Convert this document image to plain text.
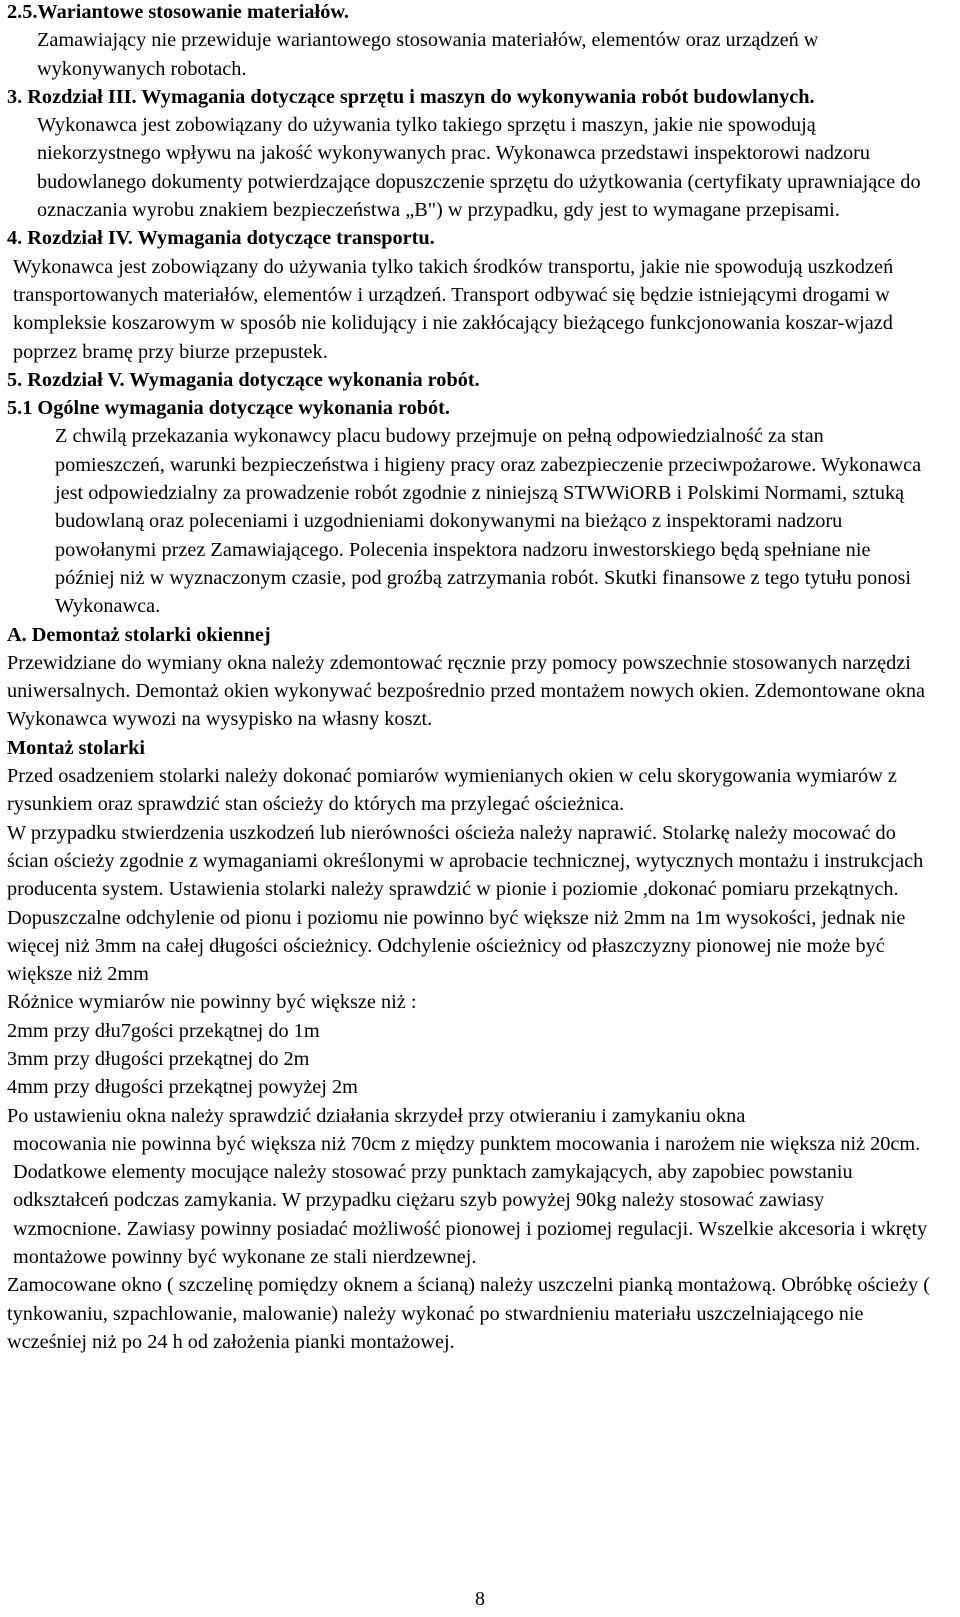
2.5.Wariantowe stosowanie materiałów.

Zamawiający nie przewiduje wariantowego stosowania materiałów, elementów oraz urządzeń w wykonywanych robotach.

3. Rozdział III. Wymagania dotyczące sprzętu i maszyn do wykonywania robót budowlanych.

Wykonawca jest zobowiązany do używania tylko takiego sprzętu i maszyn, jakie nie spowodują niekorzystnego wpływu na jakość wykonywanych prac. Wykonawca przedstawi inspektorowi nadzoru budowlanego dokumenty potwierdzające dopuszczenie sprzętu do użytkowania (certyfikaty uprawniające do oznaczania wyrobu znakiem bezpieczeństwa „B") w przypadku, gdy jest to wymagane przepisami.

4. Rozdział IV. Wymagania dotyczące transportu.

Wykonawca jest zobowiązany do używania tylko takich środków transportu, jakie nie spowodują uszkodzeń transportowanych materiałów, elementów i urządzeń. Transport odbywać się będzie istniejącymi drogami w kompleksie koszarowym w sposób nie kolidujący i nie zakłócający bieżącego funkcjonowania koszar-wjazd poprzez bramę przy biurze przepustek.

5. Rozdział V. Wymagania dotyczące wykonania robót.

5.1 Ogólne wymagania dotyczące wykonania robót.

Z chwilą przekazania wykonawcy placu budowy przejmuje on pełną odpowiedzialność za stan pomieszczeń, warunki bezpieczeństwa i higieny pracy oraz zabezpieczenie przeciwpożarowe. Wykonawca jest odpowiedzialny za prowadzenie robót zgodnie z niniejszą STWWiORB i Polskimi Normami, sztuką budowlaną oraz poleceniami i uzgodnieniami dokonywanymi na bieżąco z inspektorami nadzoru powołanymi przez Zamawiającego. Polecenia inspektora nadzoru inwestorskiego będą spełniane nie później niż w wyznaczonym czasie, pod groźbą zatrzymania robót. Skutki finansowe z tego tytułu ponosi Wykonawca.

A. Demontaż stolarki okiennej

Przewidziane do wymiany okna należy zdemontować ręcznie przy pomocy powszechnie stosowanych narzędzi uniwersalnych. Demontaż okien wykonywać bezpośrednio przed montażem nowych okien. Zdemontowane okna Wykonawca wywozi na wysypisko na własny koszt.

Montaż stolarki

Przed osadzeniem stolarki należy dokonać pomiarów wymienianych okien w celu skorygowania wymiarów z rysunkiem oraz sprawdzić stan ościeży do których ma przylegać ościeżnica.

W przypadku stwierdzenia uszkodzeń lub nierówności ościeża należy naprawić. Stolarkę należy mocować do ścian ościeży zgodnie z wymaganiami określonymi w aprobacie technicznej, wytycznych montażu i instrukcjach producenta system. Ustawienia stolarki należy sprawdzić w pionie i poziomie ,dokonać pomiaru przekątnych.

Dopuszczalne odchylenie od pionu i poziomu nie powinno być większe niż 2mm na 1m wysokości, jednak nie więcej niż 3mm na całej długości ościeżnicy. Odchylenie ościeżnicy od płaszczyzny pionowej nie może być większe niż 2mm

Różnice wymiarów nie powinny być większe niż :

2mm przy dłu7gości przekątnej do 1m

3mm przy długości przekątnej do 2m

4mm przy długości przekątnej powyżej 2m

Po ustawieniu okna należy sprawdzić działania skrzydeł przy otwieraniu i zamykaniu okna

mocowania nie powinna być większa niż 70cm z między punktem mocowania i narożem nie większa niż 20cm. Dodatkowe elementy mocujące należy stosować przy punktach zamykających, aby zapobiec powstaniu odkształceń podczas zamykania. W przypadku ciężaru szyb powyżej 90kg należy stosować zawiasy wzmocnione. Zawiasy powinny posiadać możliwość pionowej i poziomej regulacji. Wszelkie akcesoria i wkręty montażowe powinny być wykonane ze stali nierdzewnej.

Zamocowane okno ( szczelinę pomiędzy oknem a ścianą) należy uszczelni pianką montażową. Obróbkę ościeży ( tynkowaniu, szpachlowanie, malowanie) należy wykonać po stwardnieniu materiału uszczelniającego nie wcześniej niż po 24 h od założenia pianki montażowej.

8
